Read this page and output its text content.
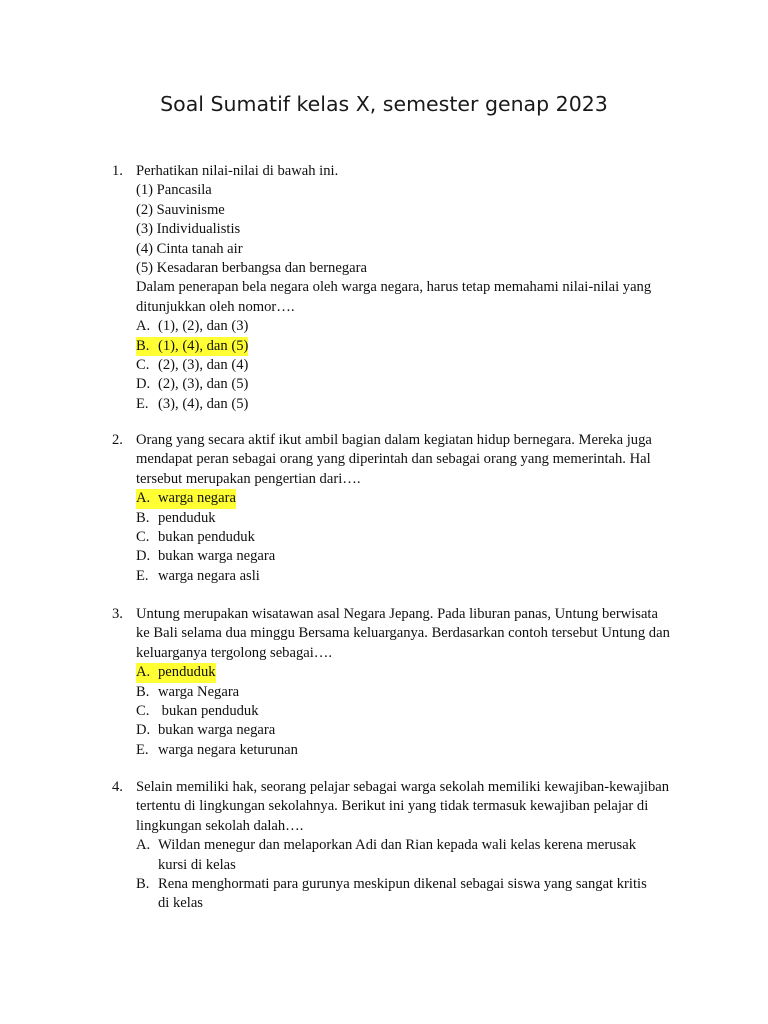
Soal Sumatif kelas X, semester genap 2023
1. Perhatikan nilai-nilai di bawah ini.
(1) Pancasila
(2) Sauvinisme
(3) Individualistis
(4) Cinta tanah air
(5) Kesadaran berbangsa dan bernegara
Dalam penerapan bela negara oleh warga negara, harus tetap memahami nilai-nilai yang ditunjukkan oleh nomor….
A. (1), (2), dan (3)
B. (1), (4), dan (5)
C. (2), (3), dan (4)
D. (2), (3), dan (5)
E. (3), (4), dan (5)
2. Orang yang secara aktif ikut ambil bagian dalam kegiatan hidup bernegara. Mereka juga mendapat peran sebagai orang yang diperintah dan sebagai orang yang memerintah. Hal tersebut merupakan pengertian dari….
A. warga negara
B. penduduk
C. bukan penduduk
D. bukan warga negara
E. warga negara asli
3. Untung merupakan wisatawan asal Negara Jepang. Pada liburan panas, Untung berwisata ke Bali selama dua minggu Bersama keluarganya. Berdasarkan contoh tersebut Untung dan keluarganya tergolong sebagai….
A. penduduk
B. warga Negara
C. bukan penduduk
D. bukan warga negara
E. warga negara keturunan
4. Selain memiliki hak, seorang pelajar sebagai warga sekolah memiliki kewajiban-kewajiban tertentu di lingkungan sekolahnya. Berikut ini yang tidak termasuk kewajiban pelajar di lingkungan sekolah dalah….
A. Wildan menegur dan melaporkan Adi dan Rian kepada wali kelas kerena merusak kursi di kelas
B. Rena menghormati para gurunya meskipun dikenal sebagai siswa yang sangat kritis di kelas
